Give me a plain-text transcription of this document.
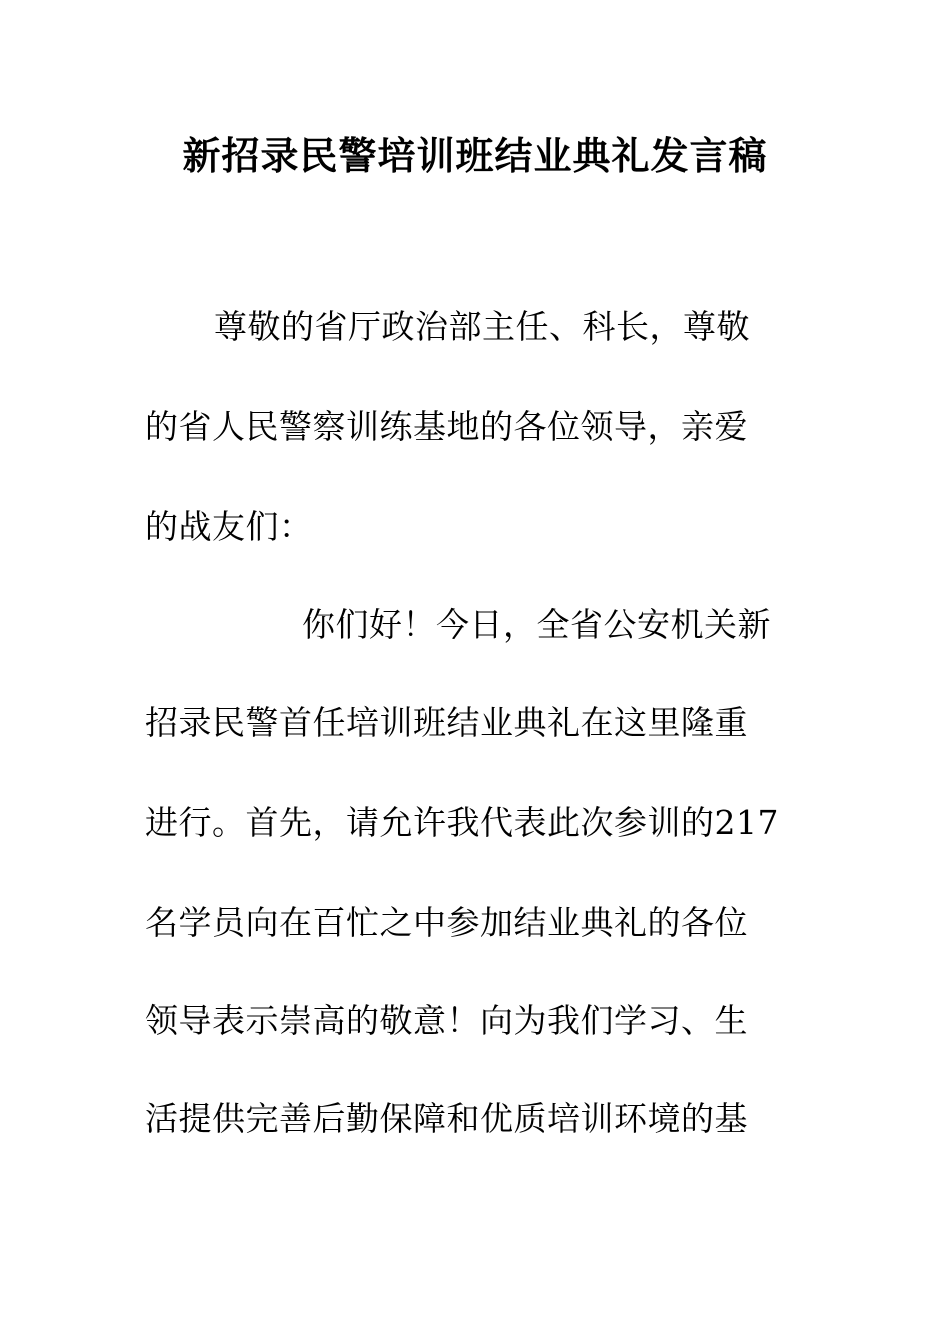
新招录民警培训班结业典礼发言稿
尊敬的省厅政治部主任、科长，尊敬
的省人民警察训练基地的各位领导，亲爱
的战友们：
你们好！今日，全省公安机关新
招录民警首任培训班结业典礼在这里隆重
进行。首先，请允许我代表此次参训的217
名学员向在百忙之中参加结业典礼的各位
领导表示崇高的敬意！向为我们学习、生
活提供完善后勤保障和优质培训环境的基
